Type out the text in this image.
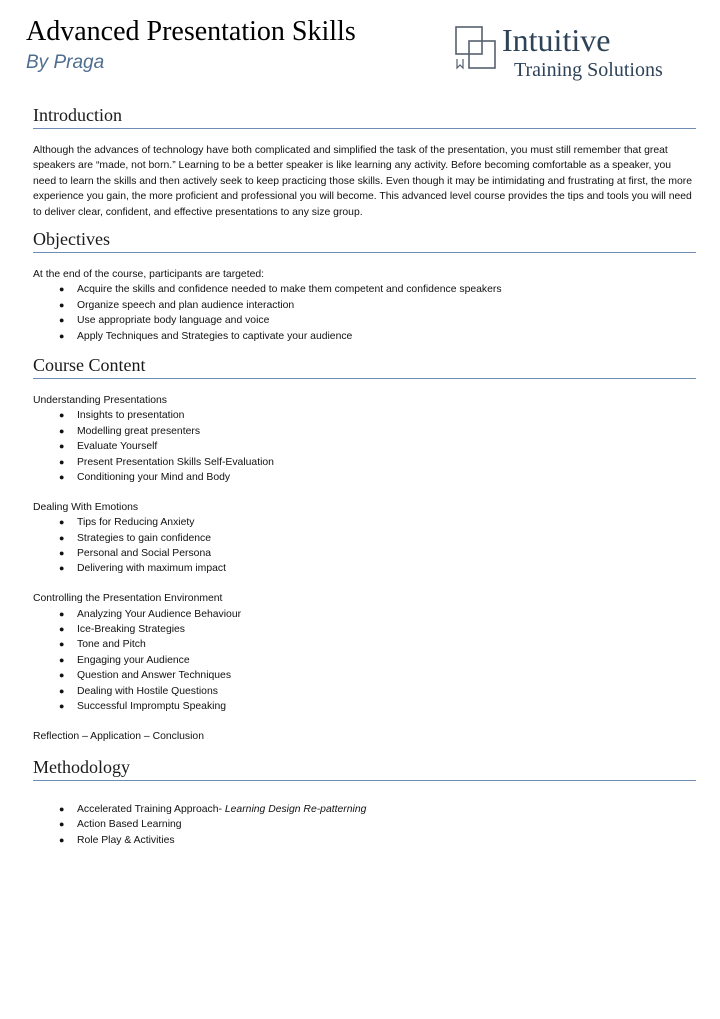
Advanced Presentation Skills
By Praga
Intuitive
Training Solutions
Introduction

Although the advances of technology have both complicated and simplified the task of the presentation, you must still remember that great speakers are “made, not born.” Learning to be a better speaker is like learning any activity. Before becoming comfortable as a speaker, you need to learn the skills and then actively seek to keep practicing those skills. Even though it may be intimidating and frustrating at first, the more experience you gain, the more proficient and professional you will become. This advanced level course provides the tips and tools you will need to deliver clear, confident, and effective presentations to any size group.

Objectives

At the end of the course, participants are targeted:

● Acquire the skills and confidence needed to make them competent and confidence speakers
● Organize speech and plan audience interaction
● Use appropriate body language and voice
● Apply Techniques and Strategies to captivate your audience
Course Content

Understanding Presentations

● Insights to presentation
● Modelling great presenters
● Evaluate Yourself
● Present Presentation Skills Self-Evaluation
● Conditioning your Mind and Body

Dealing With Emotions

● Tips for Reducing Anxiety
● Strategies to gain confidence
● Personal and Social Persona
● Delivering with maximum impact

Controlling the Presentation Environment

● Analyzing Your Audience Behaviour
● Ice-Breaking Strategies
● Tone and Pitch
● Engaging your Audience
● Question and Answer Techniques
● Dealing with Hostile Questions
● Successful Impromptu Speaking

Reflection – Application – Conclusion

Methodology
● Accelerated Training Approach- Learning Design Re-patterning
● Action Based Learning
● Role Play & Activities
